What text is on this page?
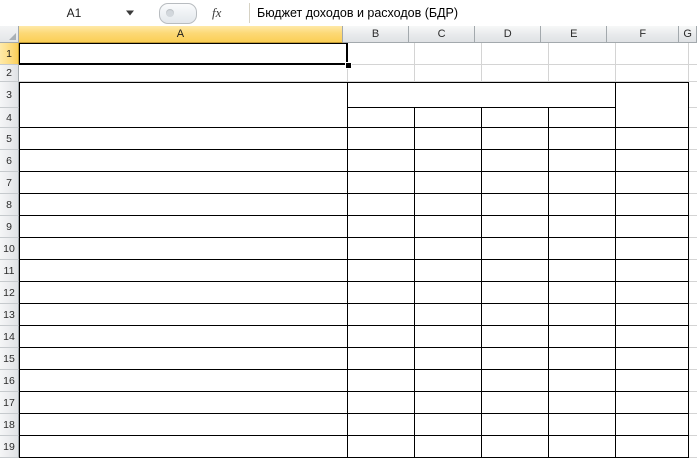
A1	fx	Бюджет доходов и расходов (БДР)
A	B	C	D	E	F	G
1
2
3
4
5
6
7
8
9
10
11
12
13
14
15
16
17
18
19
